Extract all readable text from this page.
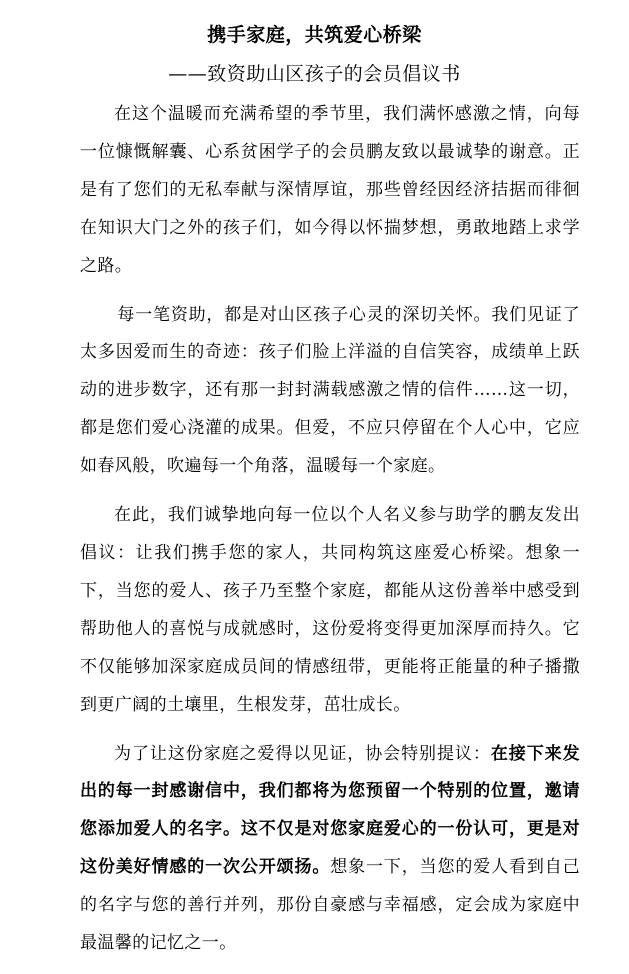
携手家庭，共筑爱心桥梁
——致资助山区孩子的会员倡议书

在这个温暖而充满希望的季节里，我们满怀感激之情，向每一位慷慨解囊、心系贫困学子的会员鹏友致以最诚挚的谢意。正是有了您们的无私奉献与深情厚谊，那些曾经因经济拮据而徘徊在知识大门之外的孩子们，如今得以怀揣梦想，勇敢地踏上求学之路。

每一笔资助，都是对山区孩子心灵的深切关怀。我们见证了太多因爱而生的奇迹：孩子们脸上洋溢的自信笑容，成绩单上跃动的进步数字，还有那一封封满载感激之情的信件……这一切，都是您们爱心浇灌的成果。但爱，不应只停留在个人心中，它应如春风般，吹遍每一个角落，温暖每一个家庭。

在此，我们诚挚地向每一位以个人名义参与助学的鹏友发出倡议：让我们携手您的家人，共同构筑这座爱心桥梁。想象一下，当您的爱人、孩子乃至整个家庭，都能从这份善举中感受到帮助他人的喜悦与成就感时，这份爱将变得更加深厚而持久。它不仅能够加深家庭成员间的情感纽带，更能将正能量的种子播撒到更广阔的土壤里，生根发芽，茁壮成长。

为了让这份家庭之爱得以见证，协会特别提议：在接下来发出的每一封感谢信中，我们都将为您预留一个特别的位置，邀请您添加爱人的名字。这不仅是对您家庭爱心的一份认可，更是对这份美好情感的一次公开颂扬。想象一下，当您的爱人看到自己的名字与您的善行并列，那份自豪感与幸福感，定会成为家庭中最温馨的记忆之一。
